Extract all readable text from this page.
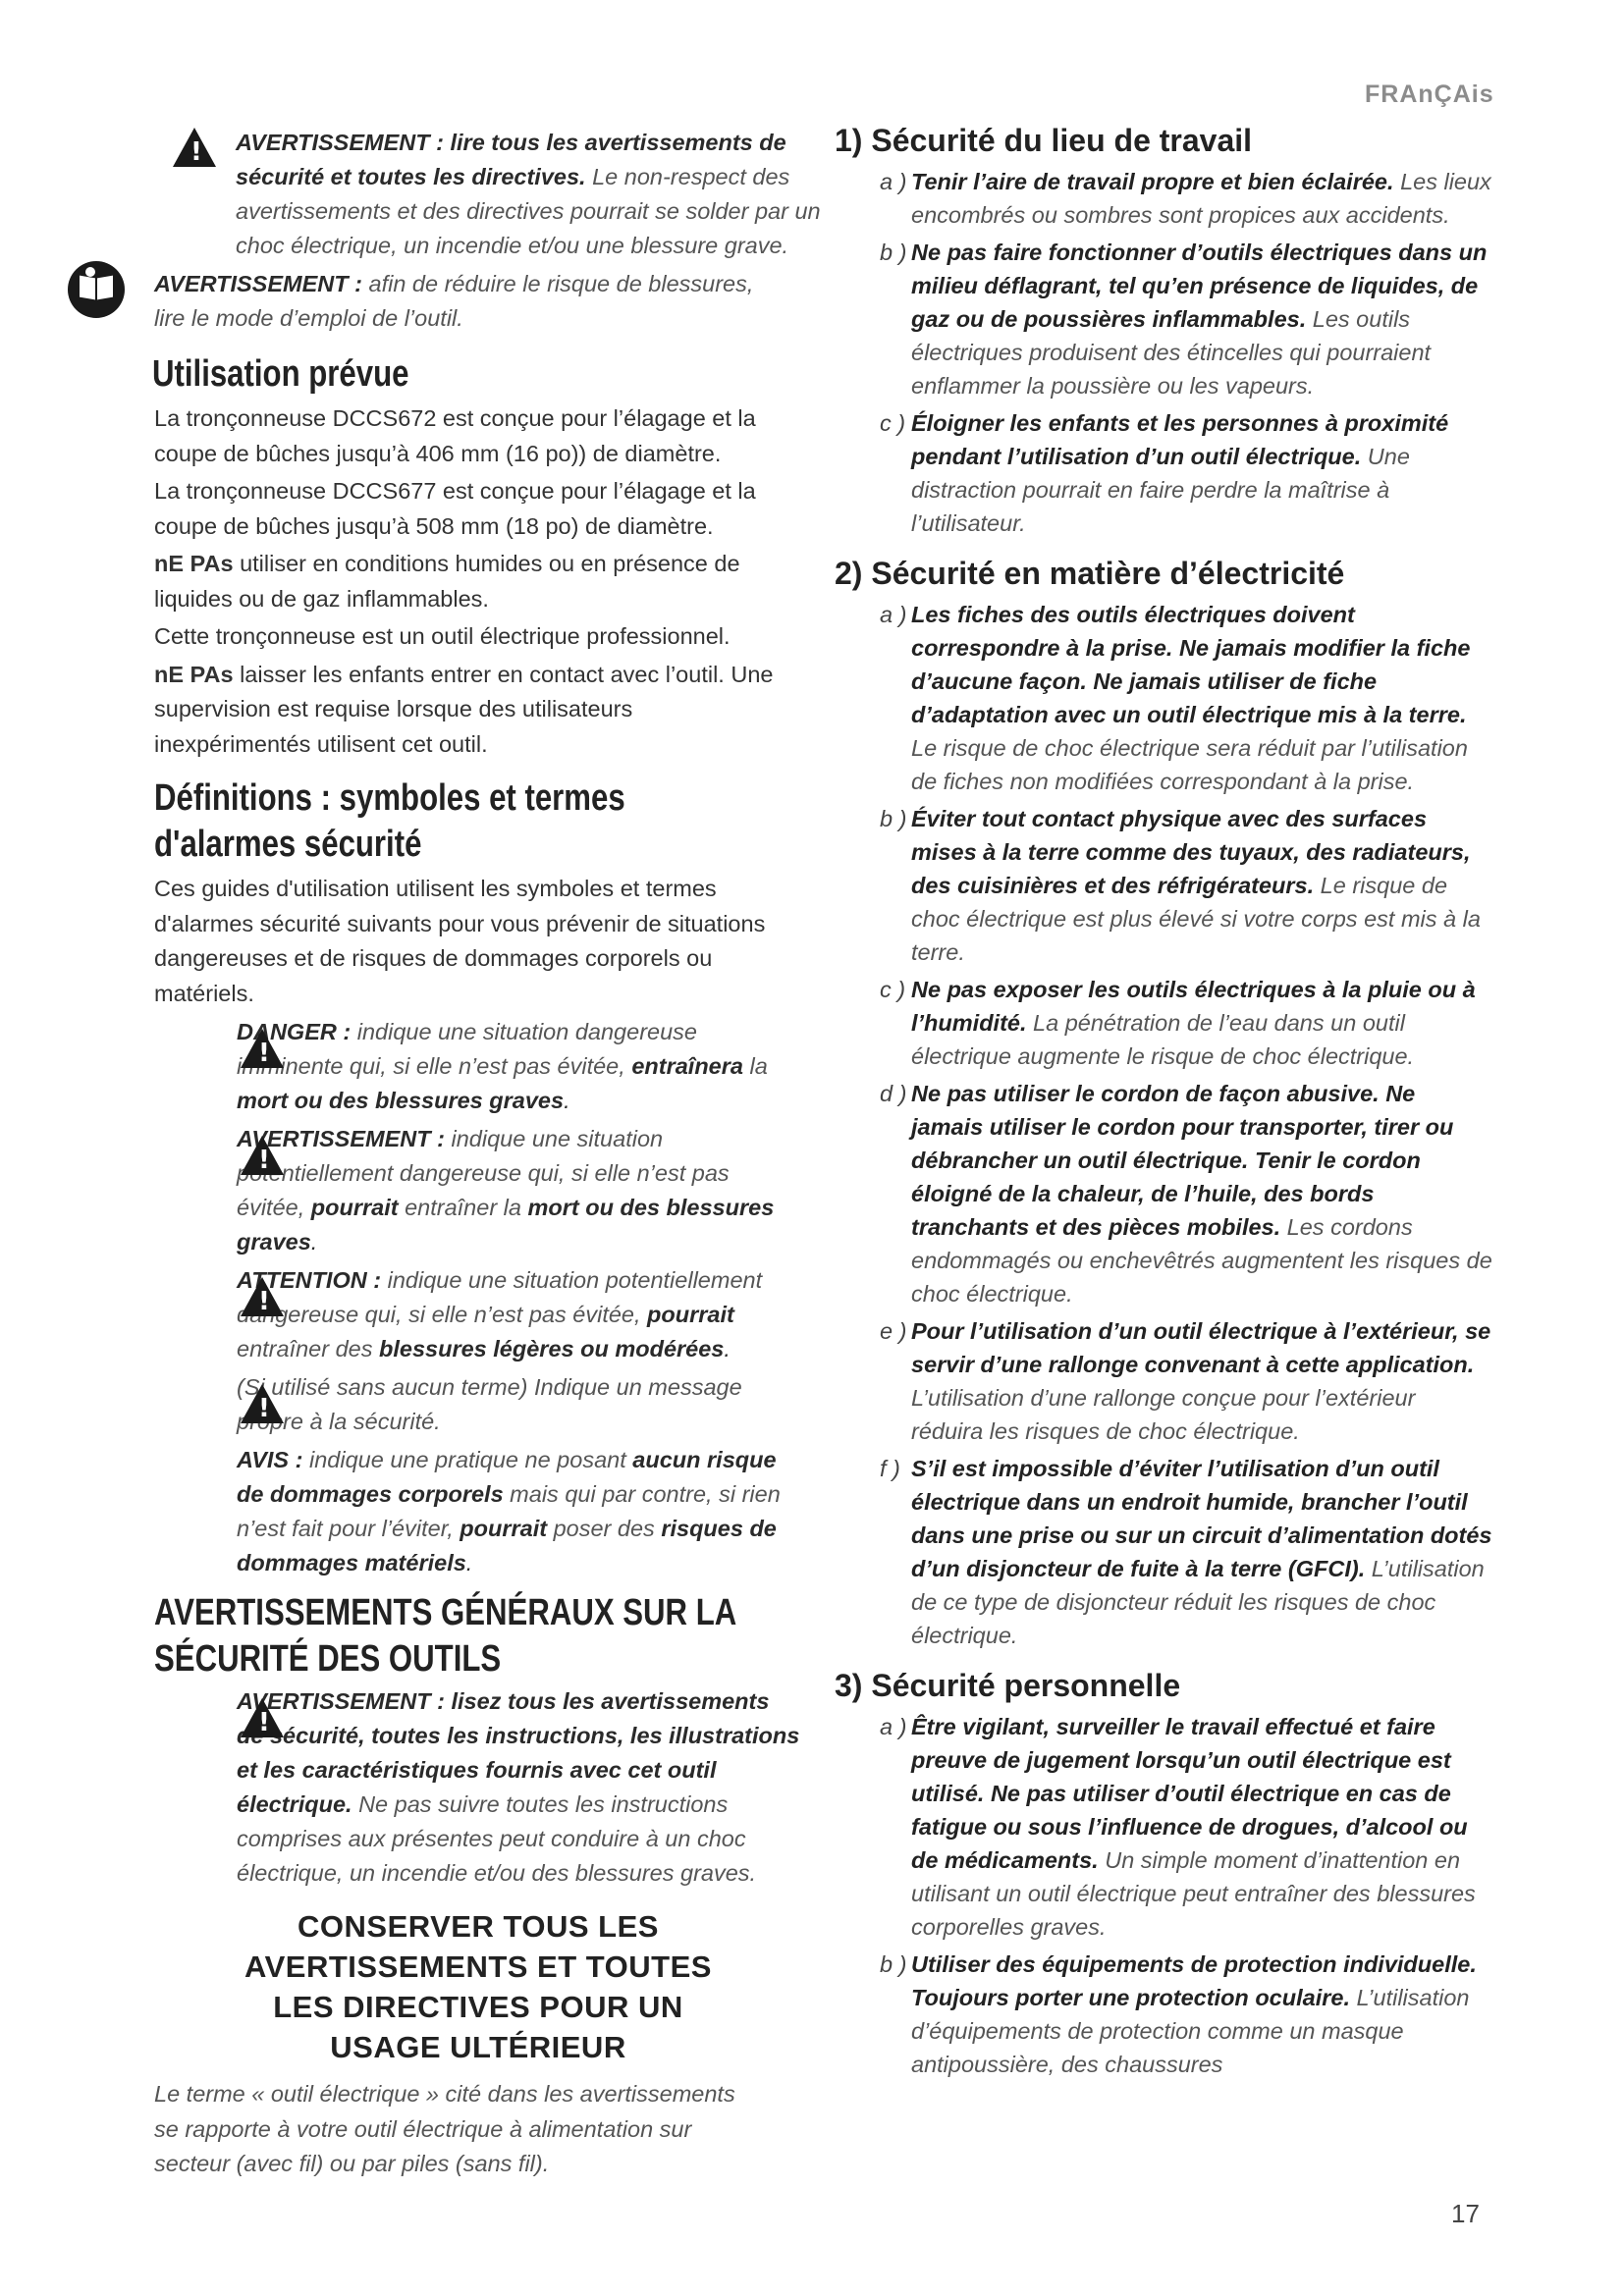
FRAnÇAis
!

AVERTISSEMENT : lire tous les avertissements de sécurité et toutes les directives. Le non-respect des avertissements et des directives pourrait se solder par un choc électrique, un incendie et/ou une blessure grave.

AVERTISSEMENT : afin de réduire le risque de blessures, lire le mode d’emploi de l’outil.

Utilisation prévue

La tronçonneuse DCCS672 est conçue pour l’élagage et la coupe de bûches jusqu’à 406 mm (16 po)) de diamètre.

La tronçonneuse DCCS677 est conçue pour l’élagage et la coupe de bûches jusqu’à 508 mm (18 po) de diamètre.

nE PAs utiliser en conditions humides ou en présence de liquides ou de gaz inflammables.

Cette tronçonneuse est un outil électrique professionnel.

nE PAs laisser les enfants entrer en contact avec l’outil. Une supervision est requise lorsque des utilisateurs inexpérimentés utilisent cet outil.

Définitions : symboles et termes
d'alarmes sécurité

Ces guides d'utilisation utilisent les symboles et termes d'alarmes sécurité suivants pour vous prévenir de situations dangereuses et de risques de dommages corporels ou matériels.

!

DANGER : indique une situation dangereuse imminente qui, si elle n’est pas évitée, entraînera la mort ou des blessures graves.

!

AVERTISSEMENT : indique une situation potentiellement dangereuse qui, si elle n’est pas évitée, pourrait entraîner la mort ou des blessures graves.

!

ATTENTION : indique une situation potentiellement dangereuse qui, si elle n’est pas évitée, pourrait entraîner des blessures légères ou modérées.

!

(Si utilisé sans aucun terme) Indique un message propre à la sécurité.

AVIS : indique une pratique ne posant aucun risque de dommages corporels mais qui par contre, si rien n’est fait pour l’éviter, pourrait poser des risques de dommages matériels.

AVERTISSEMENTS GÉNÉRAUX SUR LA
SÉCURITÉ DES OUTILS
!

AVERTISSEMENT : lisez tous les avertissements de sécurité, toutes les instructions, les illustrations et les caractéristiques fournis avec cet outil électrique. Ne pas suivre toutes les instructions comprises aux présentes peut conduire à un choc électrique, un incendie et/ou des blessures graves.

CONSERVER TOUS LES
AVERTISSEMENTS ET TOUTES
LES DIRECTIVES POUR UN
USAGE ULTÉRIEUR

Le terme « outil électrique » cité dans les avertissements se rapporte à votre outil électrique à alimentation sur secteur (avec fil) ou par piles (sans fil).

1) Sécurité du lieu de travail
a ) Tenir l’aire de travail propre et bien éclairée. Les lieux encombrés ou sombres sont propices aux accidents.

b ) Ne pas faire fonctionner d’outils électriques dans un milieu déflagrant, tel qu’en présence de liquides, de gaz ou de poussières inflammables. Les outils électriques produisent des étincelles qui pourraient enflammer la poussière ou les vapeurs.

c ) Éloigner les enfants et les personnes à proximité pendant l’utilisation d’un outil électrique. Une distraction pourrait en faire perdre la maîtrise à l’utilisateur.

2) Sécurité en matière d’électricité
a ) Les fiches des outils électriques doivent correspondre à la prise. Ne jamais modifier la fiche d’aucune façon. Ne jamais utiliser de fiche d’adaptation avec un outil électrique mis à la terre. Le risque de choc électrique sera réduit par l’utilisation de fiches non modifiées correspondant à la prise.

b ) Éviter tout contact physique avec des surfaces mises à la terre comme des tuyaux, des radiateurs, des cuisinières et des réfrigérateurs. Le risque de choc électrique est plus élevé si votre corps est mis à la terre.

c ) Ne pas exposer les outils électriques à la pluie ou à l’humidité. La pénétration de l’eau dans un outil électrique augmente le risque de choc électrique.

d ) Ne pas utiliser le cordon de façon abusive. Ne jamais utiliser le cordon pour transporter, tirer ou débrancher un outil électrique. Tenir le cordon éloigné de la chaleur, de l’huile, des bords tranchants et des pièces mobiles. Les cordons endommagés ou enchevêtrés augmentent les risques de choc électrique.

e ) Pour l’utilisation d’un outil électrique à l’extérieur, se servir d’une rallonge convenant à cette application. L’utilisation d’une rallonge conçue pour l’extérieur réduira les risques de choc électrique.

f ) S’il est impossible d’éviter l’utilisation d’un outil électrique dans un endroit humide, brancher l’outil dans une prise ou sur un circuit d’alimentation dotés d’un disjoncteur de fuite à la terre (GFCI). L’utilisation de ce type de disjoncteur réduit les risques de choc électrique.

3) Sécurité personnelle
a ) Être vigilant, surveiller le travail effectué et faire preuve de jugement lorsqu’un outil électrique est utilisé. Ne pas utiliser d’outil électrique en cas de fatigue ou sous l’influence de drogues, d’alcool ou de médicaments. Un simple moment d’inattention en utilisant un outil électrique peut entraîner des blessures corporelles graves.

b ) Utiliser des équipements de protection individuelle. Toujours porter une protection oculaire. L’utilisation d’équipements de protection comme un masque antipoussière, des chaussures

17
